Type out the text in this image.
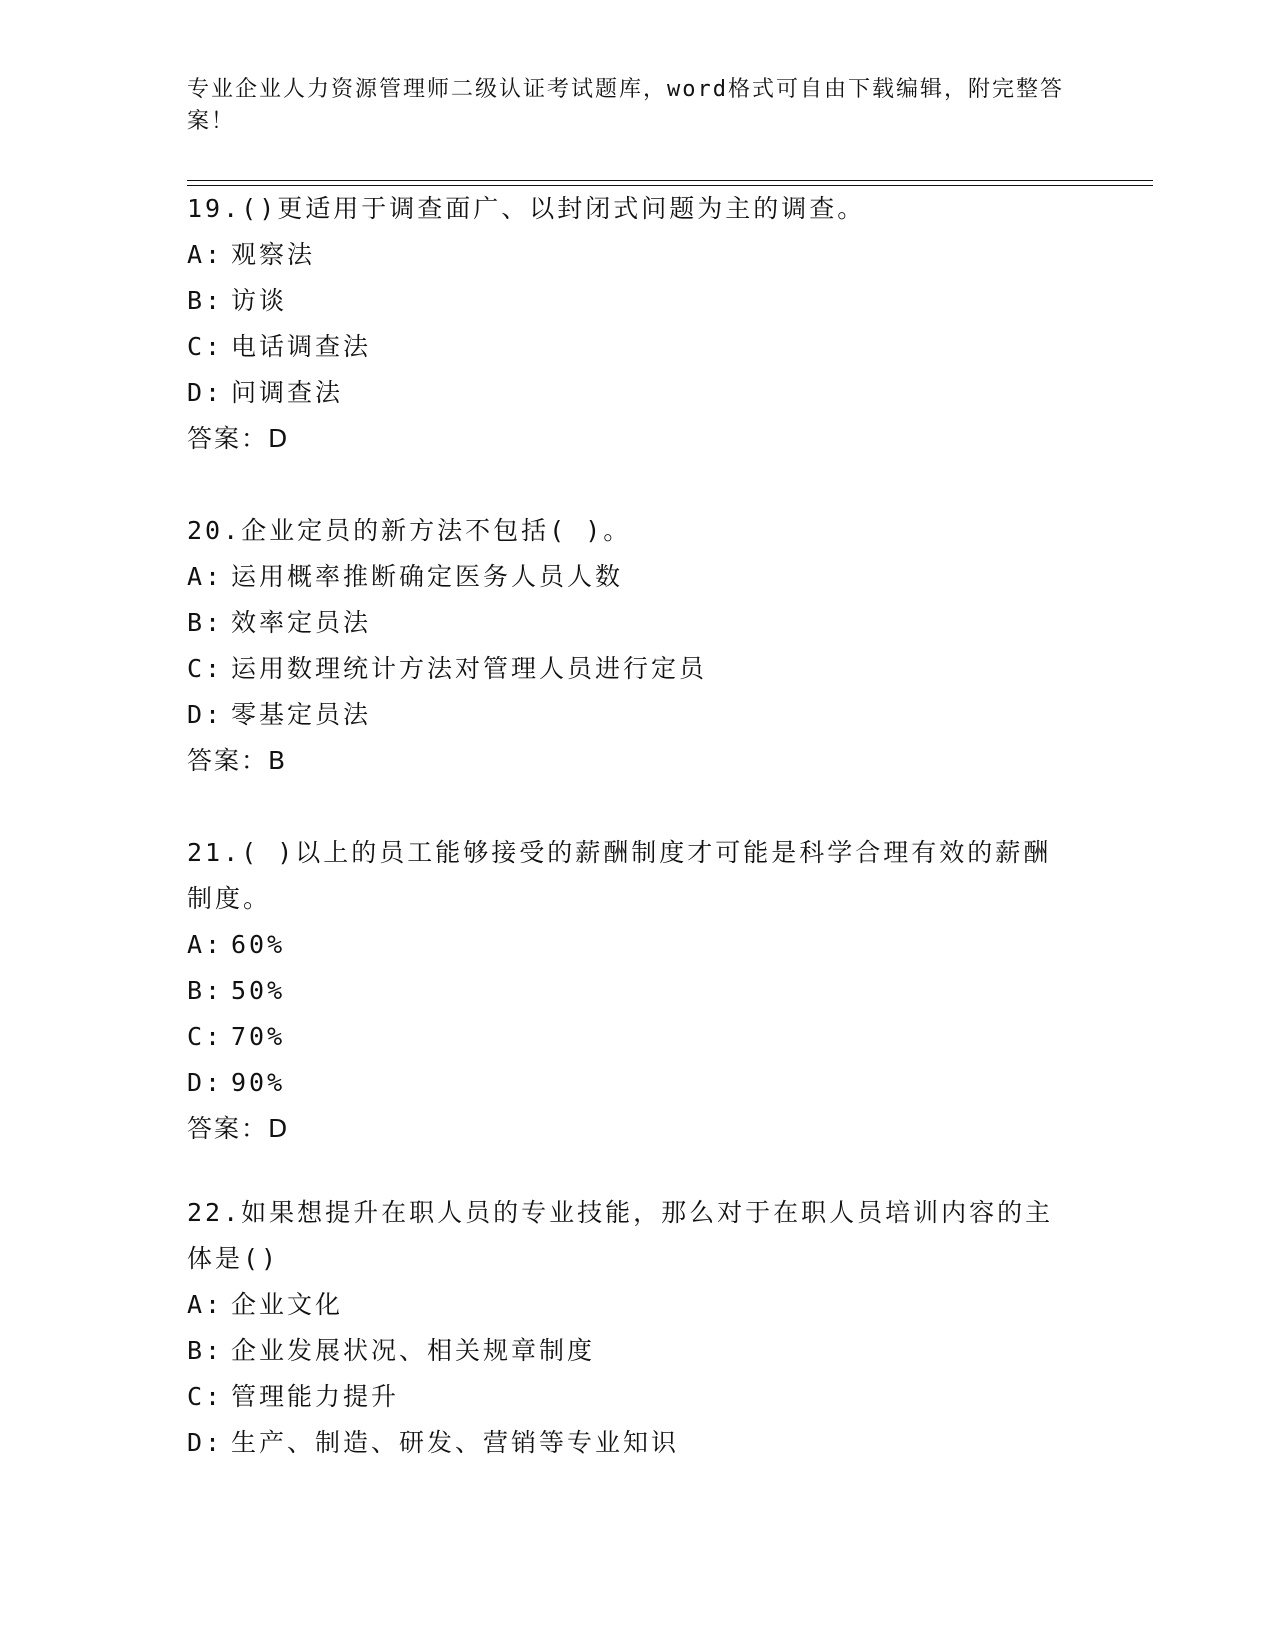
专业企业人力资源管理师二级认证考试题库，word格式可自由下载编辑，附完整答案！

19.()更适用于调查面广、以封闭式问题为主的调查。

A: 观察法

B: 访谈

C: 电话调查法

D: 问调查法

答案：D

20.企业定员的新方法不包括( )。

A: 运用概率推断确定医务人员人数

B: 效率定员法

C: 运用数理统计方法对管理人员进行定员

D: 零基定员法

答案：B

21.( )以上的员工能够接受的薪酬制度才可能是科学合理有效的薪酬制度。

A: 60%

B: 50%

C: 70%

D: 90%

答案：D

22.如果想提升在职人员的专业技能，那么对于在职人员培训内容的主体是()

A: 企业文化

B: 企业发展状况、相关规章制度

C: 管理能力提升

D: 生产、制造、研发、营销等专业知识
